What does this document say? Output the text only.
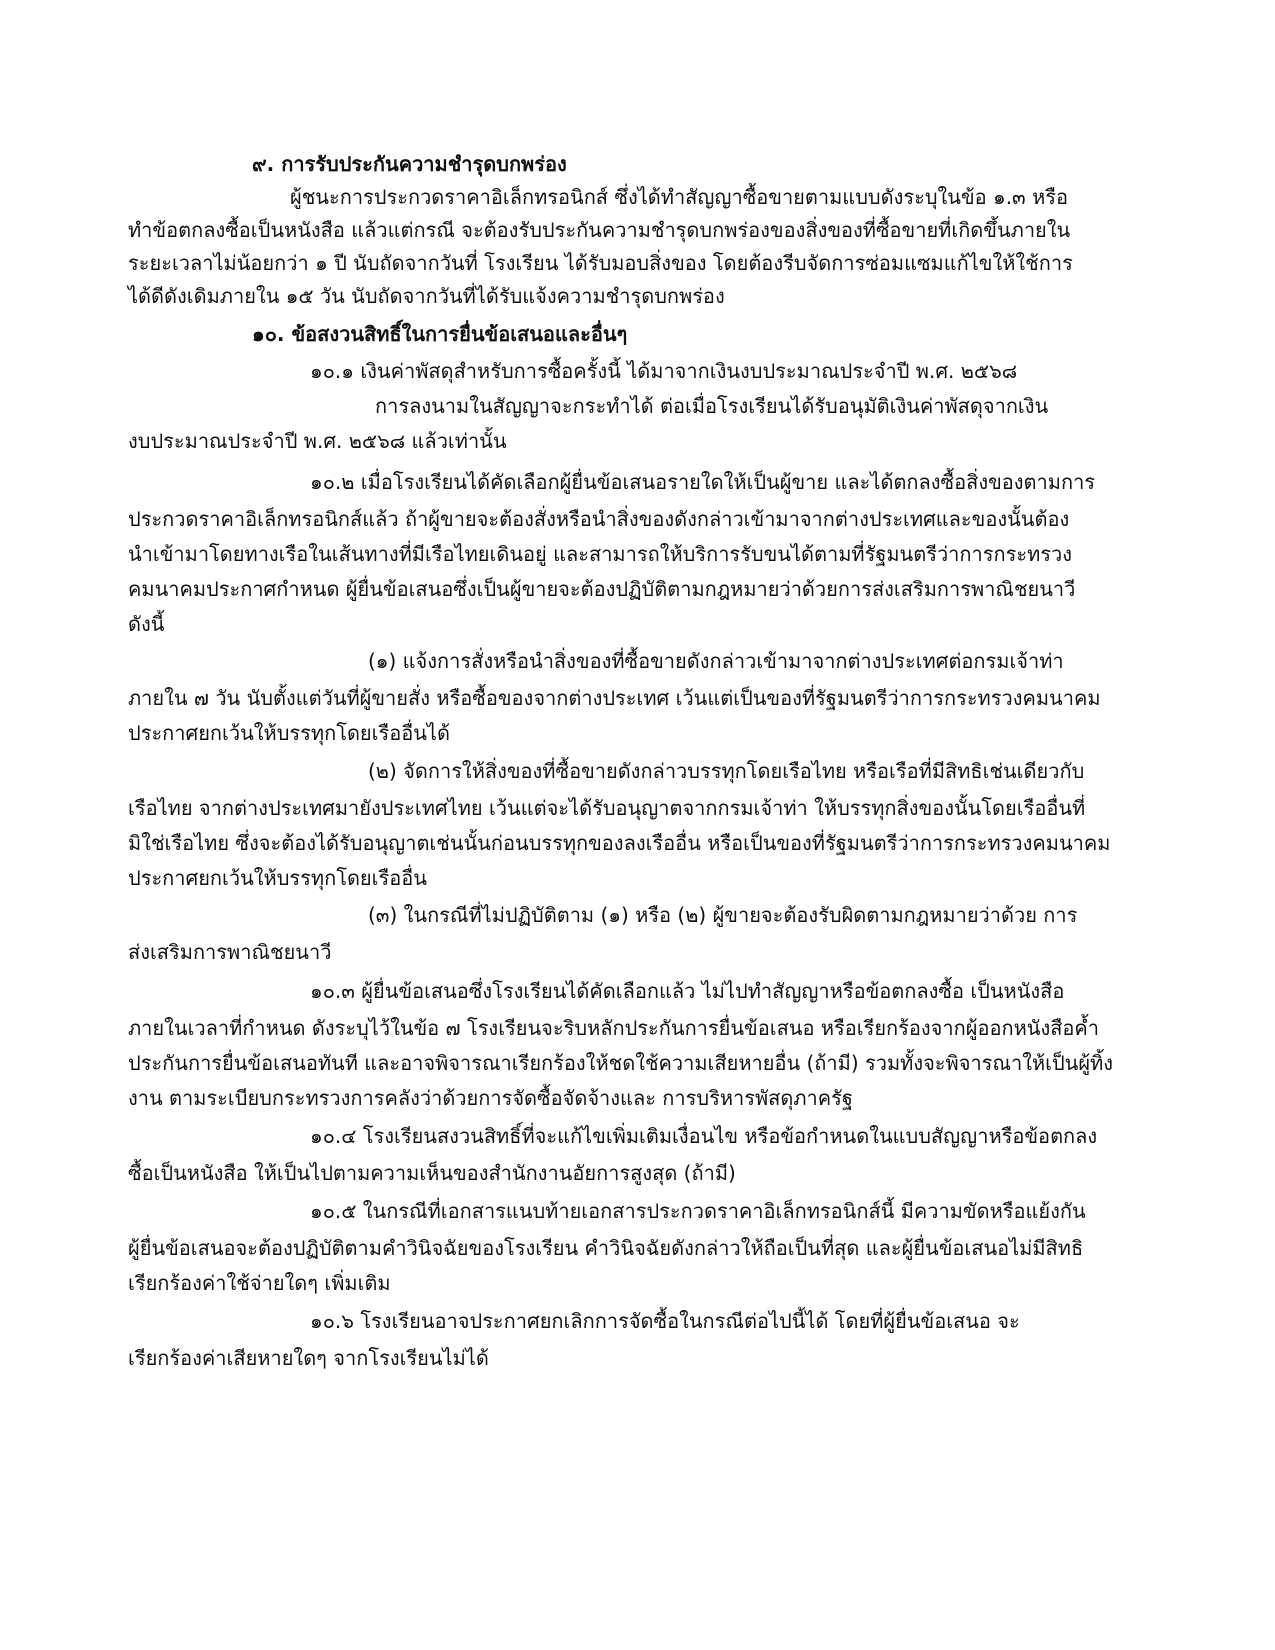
๙. การรับประกันความชำรุดบกพร่อง
ผู้ชนะการประกวดราคาอิเล็กทรอนิกส์ ซึ่งได้ทำสัญญาซื้อขายตามแบบดังระบุในข้อ ๑.๓ หรือ
ทำข้อตกลงซื้อเป็นหนังสือ แล้วแต่กรณี จะต้องรับประกันความชำรุดบกพร่องของสิ่งของที่ซื้อขายที่เกิดขึ้นภายใน
ระยะเวลาไม่น้อยกว่า ๑ ปี นับถัดจากวันที่ โรงเรียน ได้รับมอบสิ่งของ โดยต้องรีบจัดการซ่อมแซมแก้ไขให้ใช้การ
ได้ดีดังเดิมภายใน ๑๕ วัน นับถัดจากวันที่ได้รับแจ้งความชำรุดบกพร่อง
๑๐. ข้อสงวนสิทธิ์ในการยื่นข้อเสนอและอื่นๆ
๑๐.๑ เงินค่าพัสดุสำหรับการซื้อครั้งนี้ ได้มาจากเงินงบประมาณประจำปี พ.ศ. ๒๕๖๘
การลงนามในสัญญาจะกระทำได้ ต่อเมื่อโรงเรียนได้รับอนุมัติเงินค่าพัสดุจากเงิน
งบประมาณประจำปี พ.ศ. ๒๕๖๘ แล้วเท่านั้น
๑๐.๒ เมื่อโรงเรียนได้คัดเลือกผู้ยื่นข้อเสนอรายใดให้เป็นผู้ขาย และได้ตกลงซื้อสิ่งของตามการ
ประกวดราคาอิเล็กทรอนิกส์แล้ว ถ้าผู้ขายจะต้องสั่งหรือนำสิ่งของดังกล่าวเข้ามาจากต่างประเทศและของนั้นต้อง
นำเข้ามาโดยทางเรือในเส้นทางที่มีเรือไทยเดินอยู่ และสามารถให้บริการรับขนได้ตามที่รัฐมนตรีว่าการกระทรวง
คมนาคมประกาศกำหนด ผู้ยื่นข้อเสนอซึ่งเป็นผู้ขายจะต้องปฏิบัติตามกฎหมายว่าด้วยการส่งเสริมการพาณิชยนาวี
ดังนี้
(๑) แจ้งการสั่งหรือนำสิ่งของที่ซื้อขายดังกล่าวเข้ามาจากต่างประเทศต่อกรมเจ้าท่า
ภายใน ๗ วัน นับตั้งแต่วันที่ผู้ขายสั่ง หรือซื้อของจากต่างประเทศ เว้นแต่เป็นของที่รัฐมนตรีว่าการกระทรวงคมนาคม
ประกาศยกเว้นให้บรรทุกโดยเรืออื่นได้
(๒) จัดการให้สิ่งของที่ซื้อขายดังกล่าวบรรทุกโดยเรือไทย หรือเรือที่มีสิทธิเช่นเดียวกับ
เรือไทย จากต่างประเทศมายังประเทศไทย เว้นแต่จะได้รับอนุญาตจากกรมเจ้าท่า ให้บรรทุกสิ่งของนั้นโดยเรืออื่นที่
มิใช่เรือไทย ซึ่งจะต้องได้รับอนุญาตเช่นนั้นก่อนบรรทุกของลงเรืออื่น หรือเป็นของที่รัฐมนตรีว่าการกระทรวงคมนาคม
ประกาศยกเว้นให้บรรทุกโดยเรืออื่น
(๓) ในกรณีที่ไม่ปฏิบัติตาม (๑) หรือ (๒) ผู้ขายจะต้องรับผิดตามกฎหมายว่าด้วย การ
ส่งเสริมการพาณิชยนาวี
๑๐.๓ ผู้ยื่นข้อเสนอซึ่งโรงเรียนได้คัดเลือกแล้ว ไม่ไปทำสัญญาหรือข้อตกลงซื้อ เป็นหนังสือ
ภายในเวลาที่กำหนด ดังระบุไว้ในข้อ ๗ โรงเรียนจะริบหลักประกันการยื่นข้อเสนอ หรือเรียกร้องจากผู้ออกหนังสือค้ำ
ประกันการยื่นข้อเสนอทันที และอาจพิจารณาเรียกร้องให้ชดใช้ความเสียหายอื่น (ถ้ามี) รวมทั้งจะพิจารณาให้เป็นผู้ทิ้ง
งาน ตามระเบียบกระทรวงการคลังว่าด้วยการจัดซื้อจัดจ้างและ การบริหารพัสดุภาครัฐ
๑๐.๔ โรงเรียนสงวนสิทธิ์ที่จะแก้ไขเพิ่มเติมเงื่อนไข หรือข้อกำหนดในแบบสัญญาหรือข้อตกลง
ซื้อเป็นหนังสือ ให้เป็นไปตามความเห็นของสำนักงานอัยการสูงสุด (ถ้ามี)
๑๐.๕ ในกรณีที่เอกสารแนบท้ายเอกสารประกวดราคาอิเล็กทรอนิกส์นี้ มีความขัดหรือแย้งกัน
ผู้ยื่นข้อเสนอจะต้องปฏิบัติตามคำวินิจฉัยของโรงเรียน คำวินิจฉัยดังกล่าวให้ถือเป็นที่สุด และผู้ยื่นข้อเสนอไม่มีสิทธิ
เรียกร้องค่าใช้จ่ายใดๆ เพิ่มเติม
๑๐.๖ โรงเรียนอาจประกาศยกเลิกการจัดซื้อในกรณีต่อไปนี้ได้ โดยที่ผู้ยื่นข้อเสนอ จะ
เรียกร้องค่าเสียหายใดๆ จากโรงเรียนไม่ได้
